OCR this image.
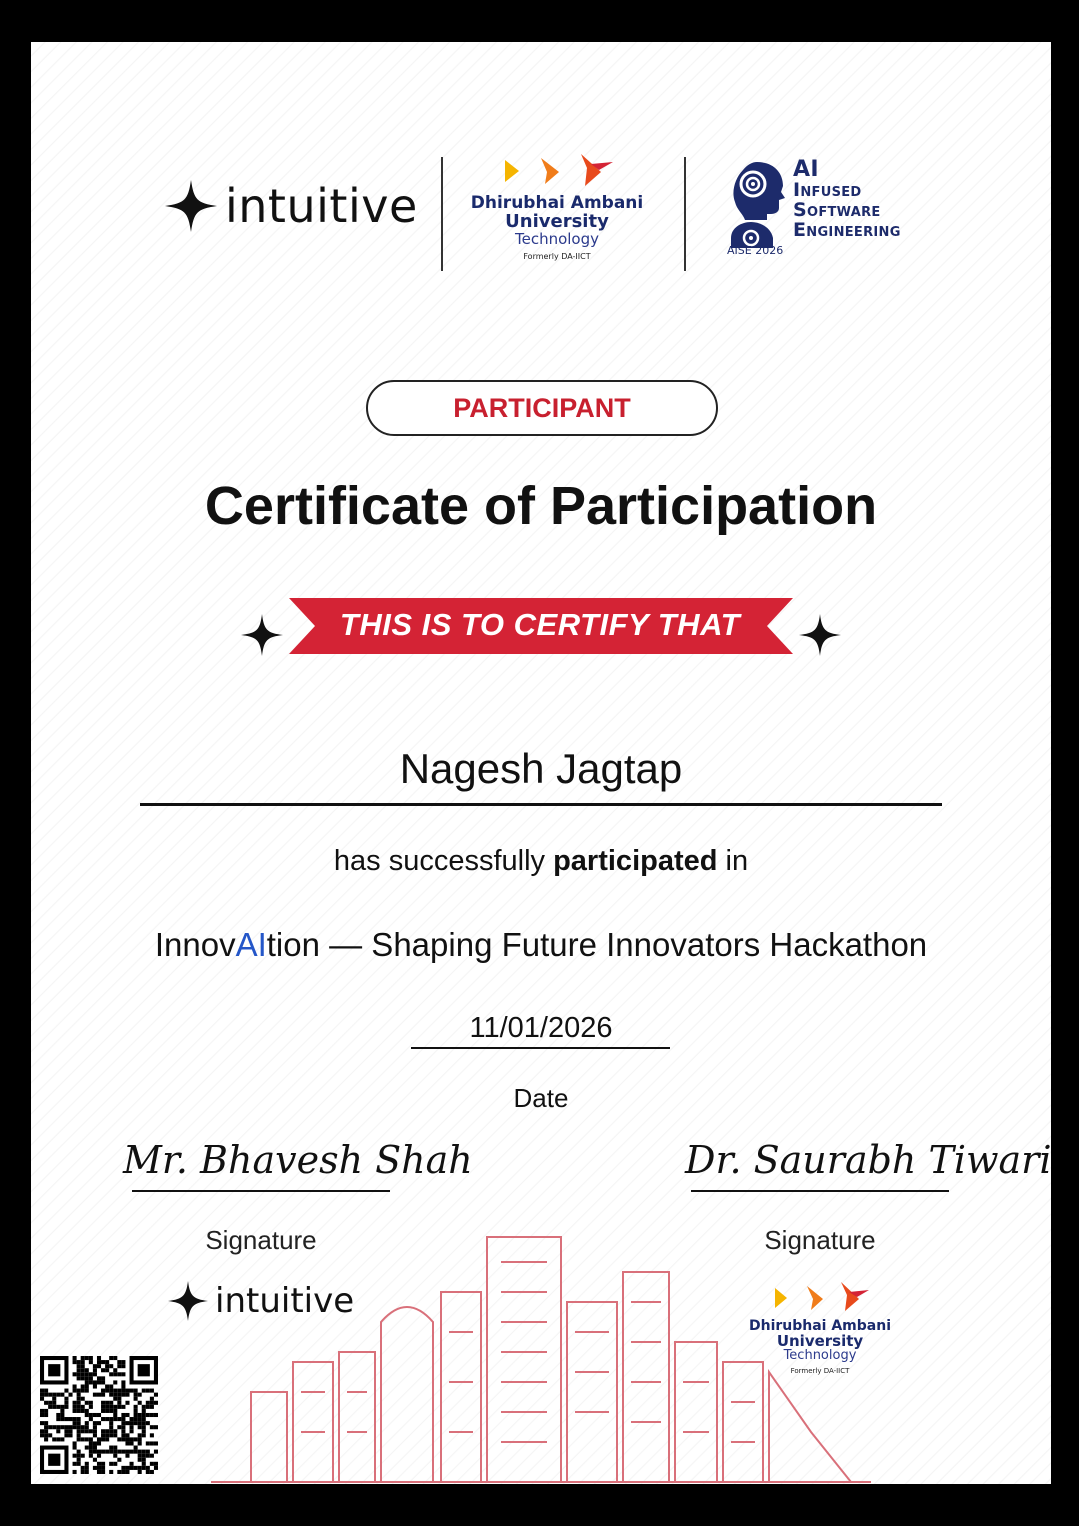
intuitive	Dhirubhai Ambani
University
Technology
Formerly DA-IICT	AISE 2026
AI
Infused
Software
Engineering
PARTICIPANT
Certificate of Participation
THIS IS TO CERTIFY THAT
Nagesh Jagtap
has successfully participated in
InnovAItion — Shaping Future Innovators Hackathon
11/01/2026
Date
Mr. Bhavesh Shah
Signature
intuitive
Dr. Saurabh Tiwari
Signature
Dhirubhai Ambani
University
Technology
Formerly DA-IICT
